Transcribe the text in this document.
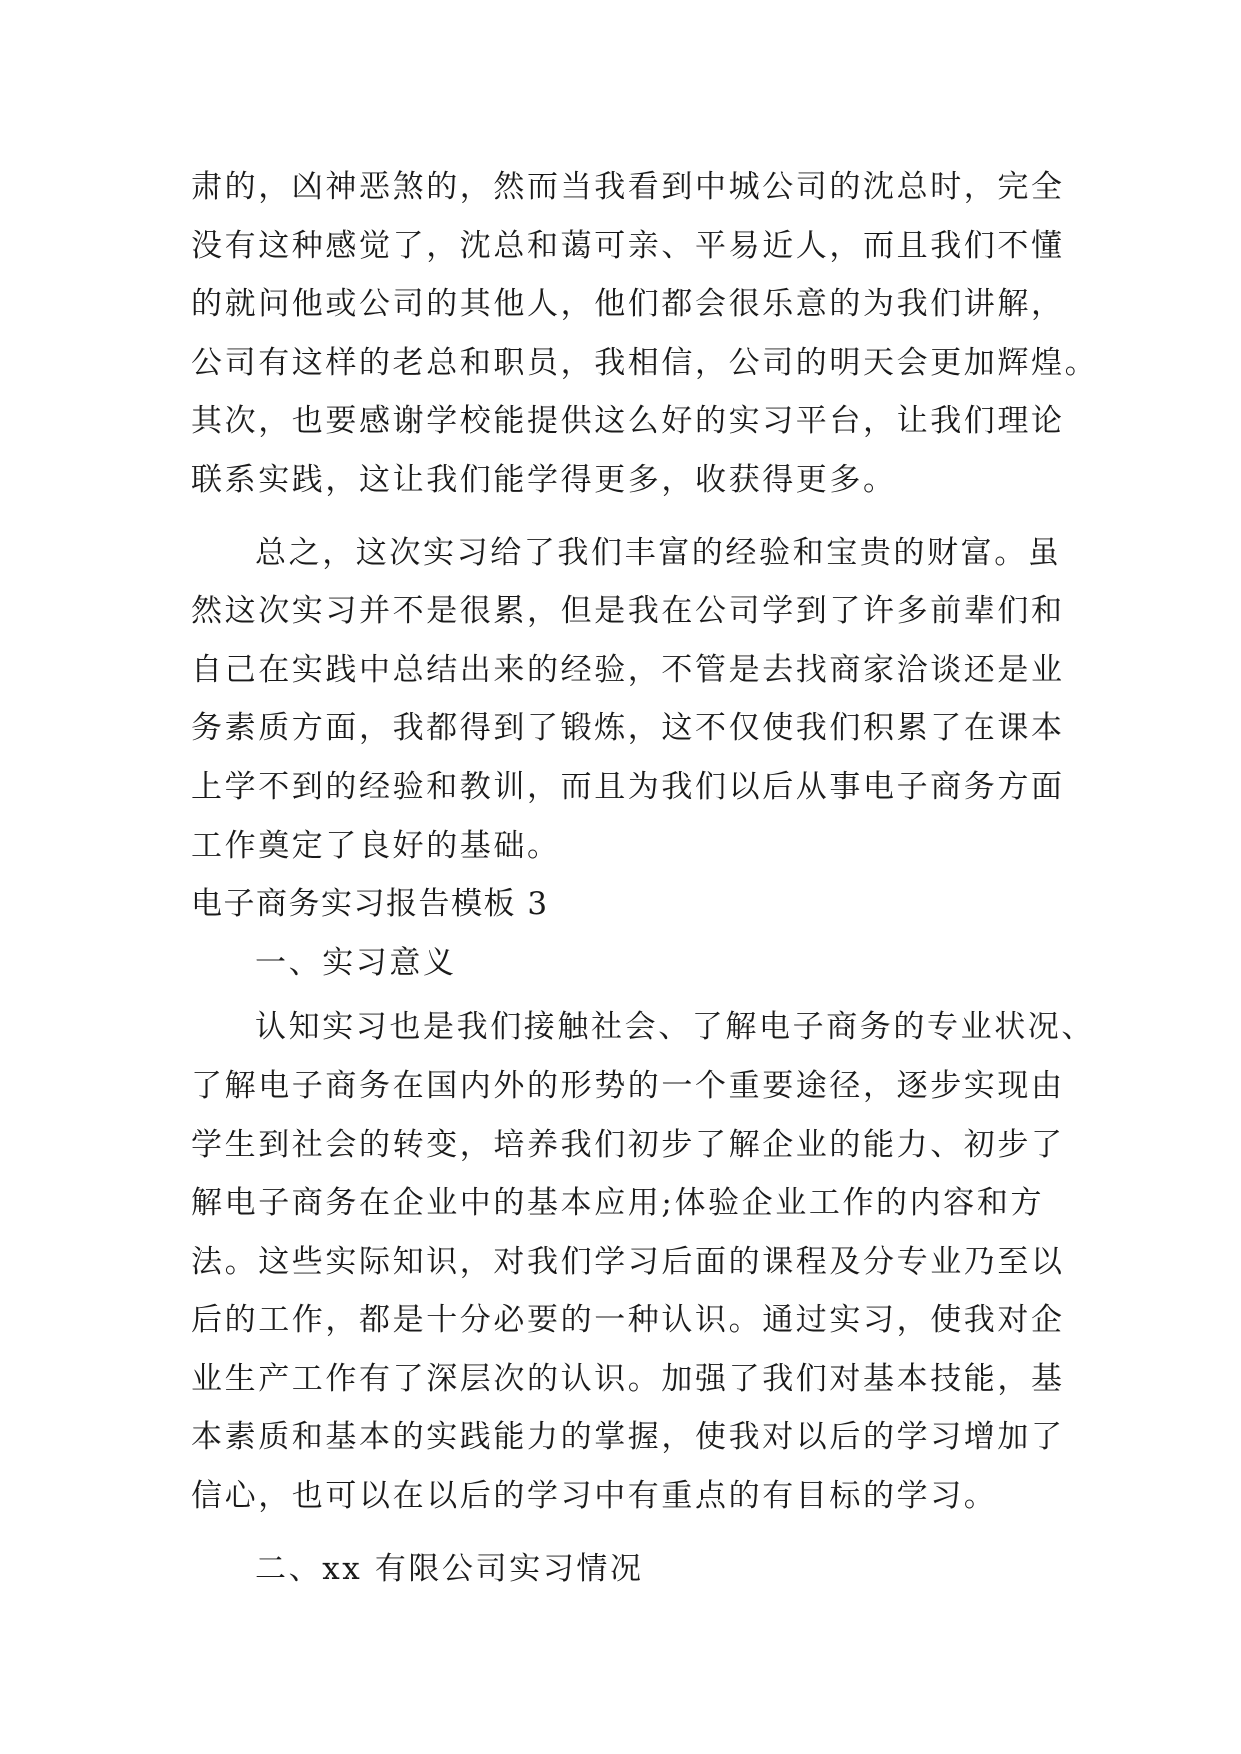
肃的，凶神恶煞的，然而当我看到中城公司的沈总时，完全
没有这种感觉了，沈总和蔼可亲、平易近人，而且我们不懂
的就问他或公司的其他人，他们都会很乐意的为我们讲解，
公司有这样的老总和职员，我相信，公司的明天会更加辉煌。
其次，也要感谢学校能提供这么好的实习平台，让我们理论
联系实践，这让我们能学得更多，收获得更多。
总之，这次实习给了我们丰富的经验和宝贵的财富。虽
然这次实习并不是很累，但是我在公司学到了许多前辈们和
自己在实践中总结出来的经验，不管是去找商家洽谈还是业
务素质方面，我都得到了锻炼，这不仅使我们积累了在课本
上学不到的经验和教训，而且为我们以后从事电子商务方面
工作奠定了良好的基础。
电子商务实习报告模板 3
一、实习意义
认知实习也是我们接触社会、了解电子商务的专业状况、
了解电子商务在国内外的形势的一个重要途径，逐步实现由
学生到社会的转变，培养我们初步了解企业的能力、初步了
解电子商务在企业中的基本应用;体验企业工作的内容和方
法。这些实际知识，对我们学习后面的课程及分专业乃至以
后的工作，都是十分必要的一种认识。通过实习，使我对企
业生产工作有了深层次的认识。加强了我们对基本技能，基
本素质和基本的实践能力的掌握，使我对以后的学习增加了
信心，也可以在以后的学习中有重点的有目标的学习。
二、xx 有限公司实习情况
